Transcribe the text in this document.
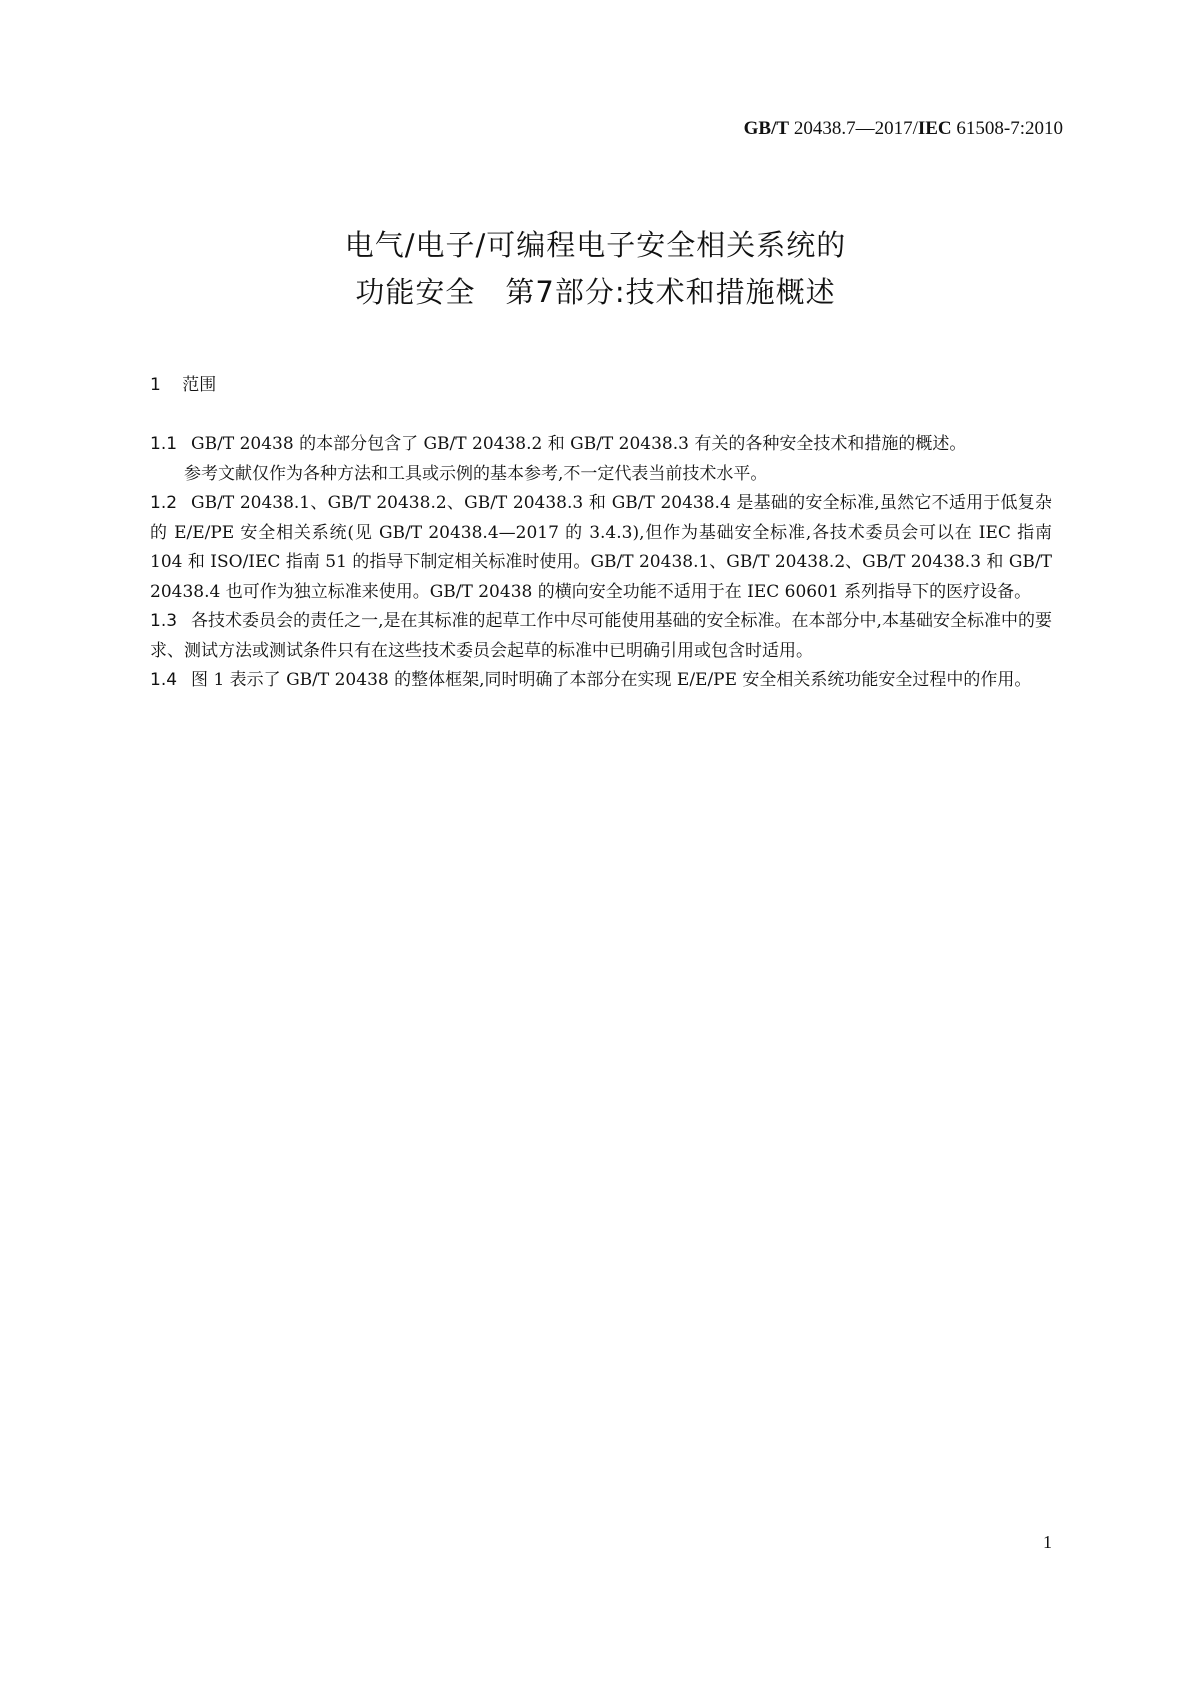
GB/T 20438.7—2017/IEC 61508-7:2010
电气/电子/可编程电子安全相关系统的
功能安全　第7部分:技术和措施概述
1 范围

1.1 GB/T 20438 的本部分包含了 GB/T 20438.2 和 GB/T 20438.3 有关的各种安全技术和措施的概述。

参考文献仅作为各种方法和工具或示例的基本参考,不一定代表当前技术水平。

1.2 GB/T 20438.1、GB/T 20438.2、GB/T 20438.3 和 GB/T 20438.4 是基础的安全标准,虽然它不适用于低复杂的 E/E/PE 安全相关系统(见 GB/T 20438.4—2017 的 3.4.3),但作为基础安全标准,各技术委员会可以在 IEC 指南 104 和 ISO/IEC 指南 51 的指导下制定相关标准时使用。GB/T 20438.1、GB/T 20438.2、GB/T 20438.3 和 GB/T 20438.4 也可作为独立标准来使用。GB/T 20438 的横向安全功能不适用于在 IEC 60601 系列指导下的医疗设备。

1.3 各技术委员会的责任之一,是在其标准的起草工作中尽可能使用基础的安全标准。在本部分中,本基础安全标准中的要求、测试方法或测试条件只有在这些技术委员会起草的标准中已明确引用或包含时适用。

1.4 图 1 表示了 GB/T 20438 的整体框架,同时明确了本部分在实现 E/E/PE 安全相关系统功能安全过程中的作用。

1
